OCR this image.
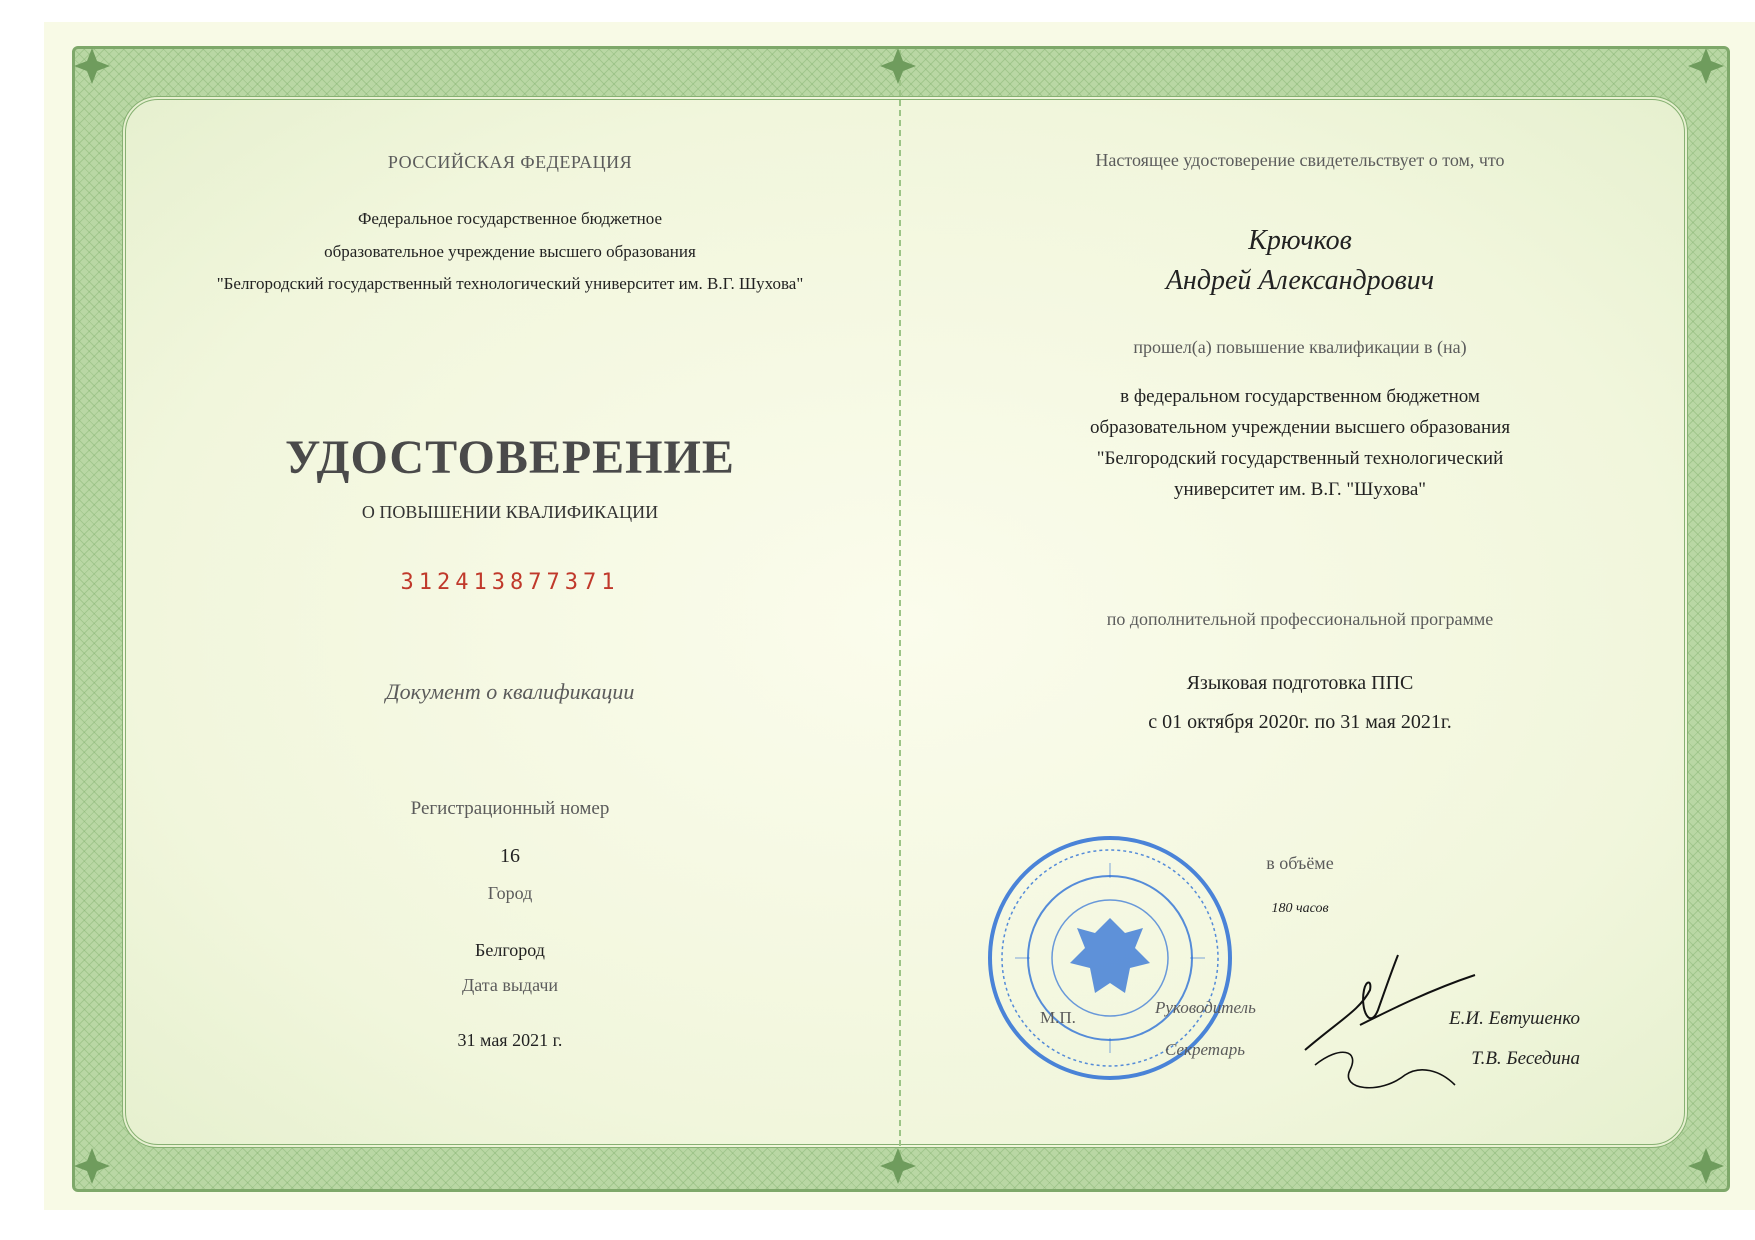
РОССИЙСКАЯ ФЕДЕРАЦИЯ
Федеральное государственное бюджетное
образовательное учреждение высшего образования
"Белгородский государственный технологический университет им. В.Г. Шухова"
УДОСТОВЕРЕНИЕ
О ПОВЫШЕНИИ КВАЛИФИКАЦИИ
312413877371
Документ о квалификации
Регистрационный номер
16
Город
Белгород
Дата выдачи
31 мая 2021 г.
Настоящее удостоверение свидетельствует о том, что
Крючков
Андрей Александрович
прошел(а) повышение квалификации в (на)
в федеральном государственном бюджетном
образовательном учреждении высшего образования
"Белгородский государственный технологический
университет им. В.Г. "Шухова"
по дополнительной профессиональной программе
Языковая подготовка ППС
с 01 октября 2020г. по 31 мая 2021г.
в объёме
180 часов
М.П.
Руководитель
Секретарь
Е.И. Евтушенко
Т.В. Беседина
